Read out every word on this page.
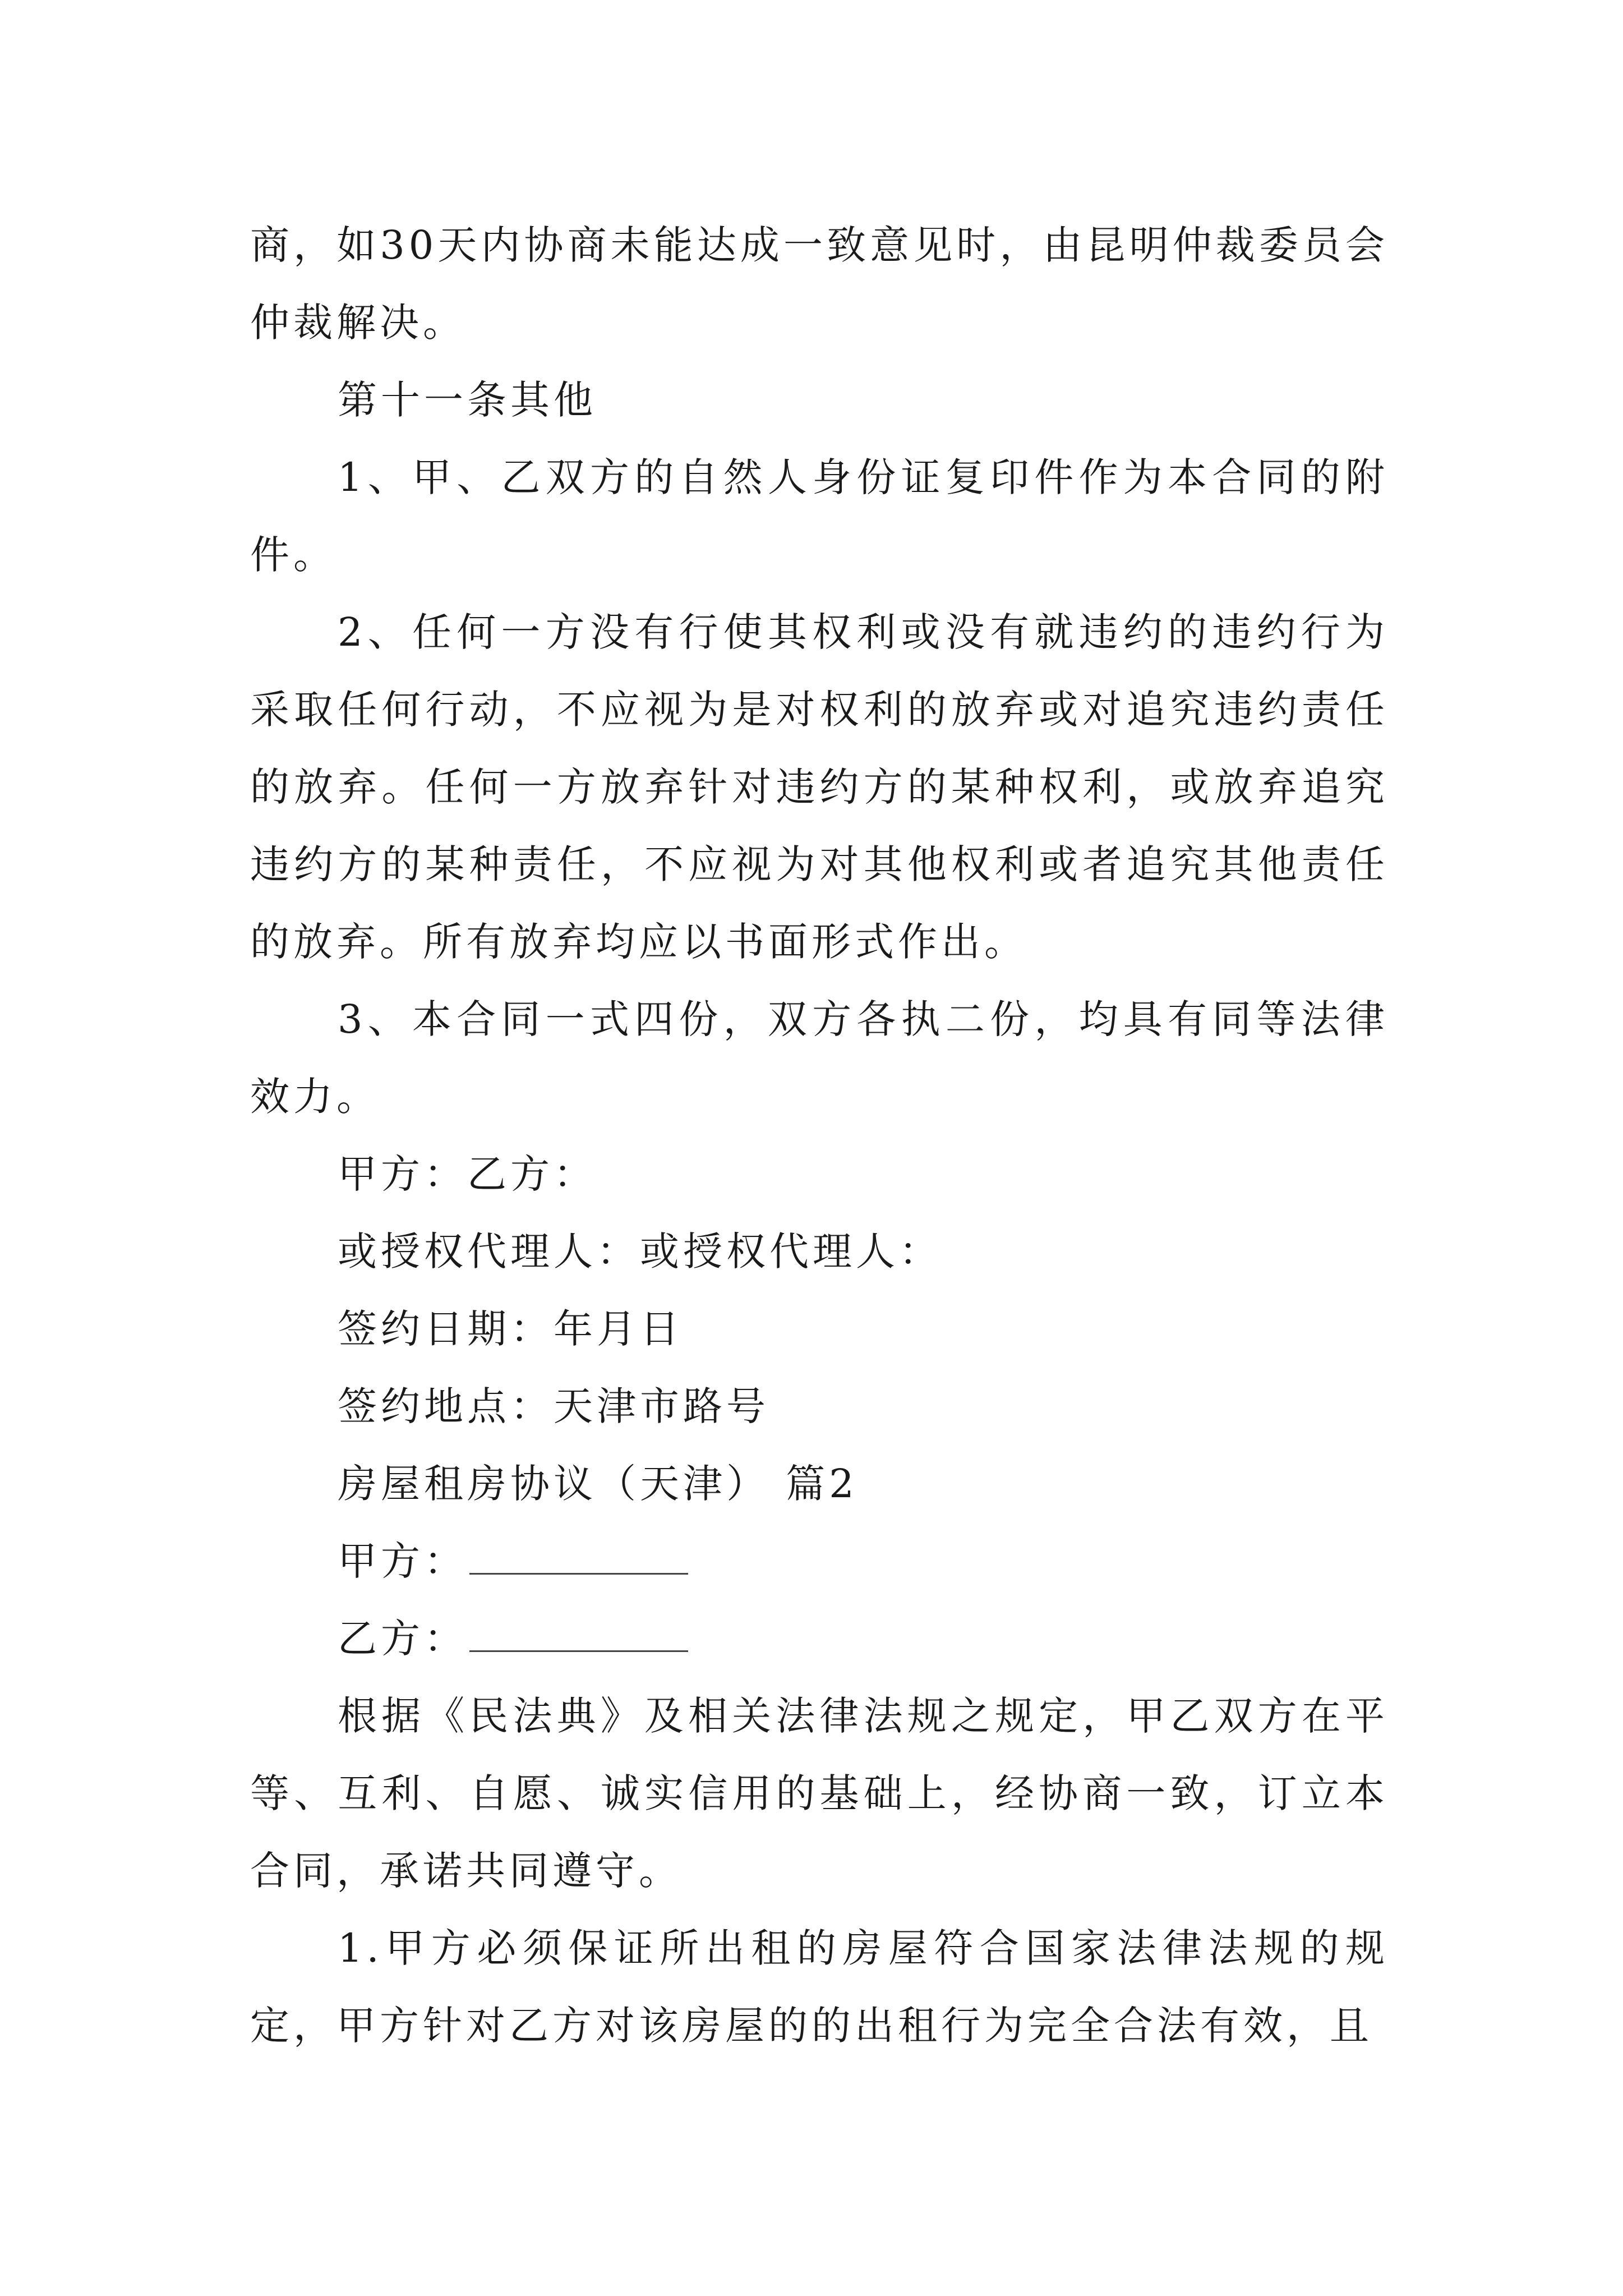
商，如30天内协商未能达成一致意见时，由昆明仲裁委员会仲裁解决。

第十一条其他

1、甲、乙双方的自然人身份证复印件作为本合同的附件。

2、任何一方没有行使其权利或没有就违约的违约行为采取任何行动，不应视为是对权利的放弃或对追究违约责任的放弃。任何一方放弃针对违约方的某种权利，或放弃追究违约方的某种责任，不应视为对其他权利或者追究其他责任的放弃。所有放弃均应以书面形式作出。

3、本合同一式四份，双方各执二份，均具有同等法律效力。

甲方：乙方：

或授权代理人：或授权代理人：

签约日期：年月日

签约地点：天津市路号

房屋租房协议（天津） 篇2

甲方：

乙方：

根据《民法典》及相关法律法规之规定，甲乙双方在平等、互利、自愿、诚实信用的基础上，经协商一致，订立本合同，承诺共同遵守。

1.甲方必须保证所出租的房屋符合国家法律法规的规定，甲方针对乙方对该房屋的的出租行为完全合法有效，且
